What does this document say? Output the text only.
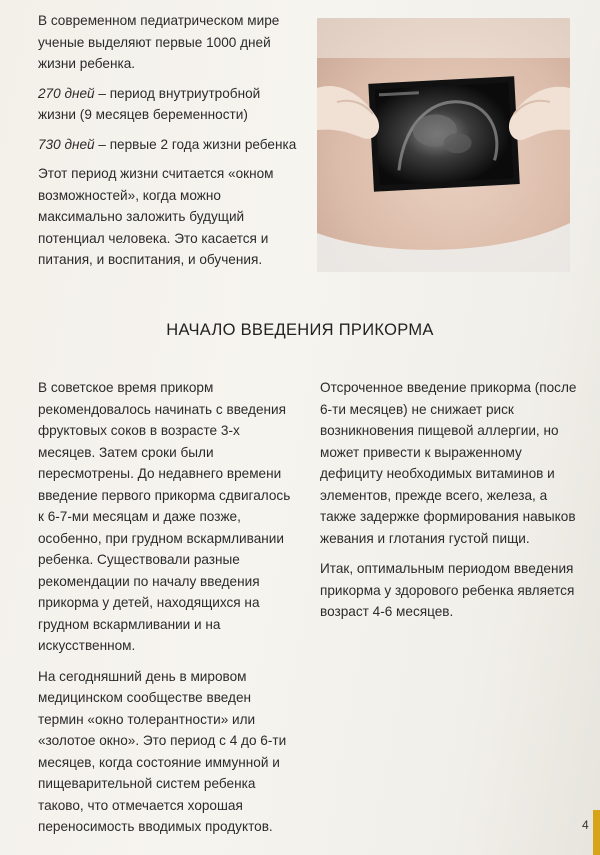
В современном педиатрическом мире ученые выделяют первые 1000 дней жизни ребенка.

270 дней – период внутриутробной жизни (9 месяцев беременности)

730 дней – первые 2 года жизни ребенка

Этот период жизни считается «окном возможностей», когда можно максимально заложить будущий потенциал человека. Это касается и питания, и воспитания, и обучения.

НАЧАЛО ВВЕДЕНИЯ ПРИКОРМА

В советское время прикорм рекомендовалось начинать с введения фруктовых соков в возрасте 3-х месяцев. Затем сроки были пересмотрены. До недавнего времени введение первого прикорма сдвигалось к 6-7-ми месяцам и даже позже, особенно, при грудном вскармливании ребенка. Существовали разные рекомендации по началу введения прикорма у детей, находящихся на грудном вскармливании и на искусственном.

На сегодняшний день в мировом медицинском сообществе введен термин «окно толерантности» или «золотое окно». Это период с 4 до 6-ти месяцев, когда состояние иммунной и пищеварительной систем ребенка таково, что отмечается хорошая переносимость вводимых продуктов.

Отсроченное введение прикорма (после 6-ти месяцев) не снижает риск возникновения пищевой аллергии, но может привести к выраженному дефициту необходимых витаминов и элементов, прежде всего, железа, а также задержке формирования навыков жевания и глотания густой пищи.

Итак, оптимальным периодом введения прикорма у здорового ребенка является возраст 4-6 месяцев.

4
